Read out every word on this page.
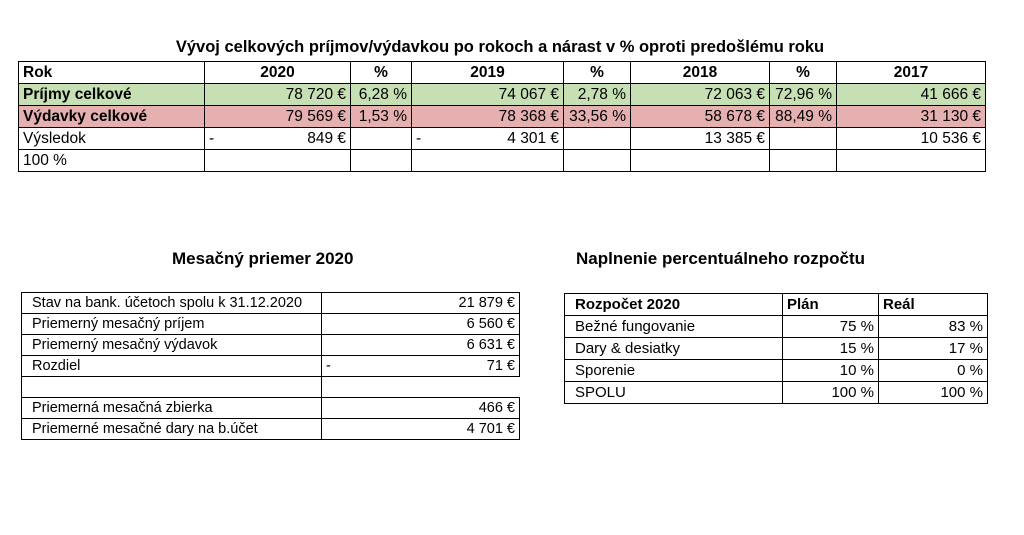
Vývoj celkových príjmov/výdavkou po rokoch a nárast v % oproti predošlému roku
Rok	2020	%	2019	%	2018	%	2017
Príjmy celkové	78 720 €	6,28 %	74 067 €	2,78 %	72 063 €	72,96 %	41 666 €
Výdavky celkové	79 569 €	1,53 %	78 368 €	33,56 %	58 678 €	88,49 %	31 130 €
Výsledok	- 849 €		- 4 301 €		13 385 €		10 536 €
100 %							
Mesačný priemer 2020
Stav na bank. účetoch spolu k 31.12.2020	21 879 €
Priemerný mesačný príjem	6 560 €
Priemerný mesačný výdavok	6 631 €
Rozdiel	- 71 €

Priemerná mesačná zbierka	466 €
Priemerné mesačné dary na b.účet	4 701 €
Naplnenie percentuálneho rozpočtu
Rozpočet 2020	Plán	Reál
Bežné fungovanie	75 %	83 %
Dary & desiatky	15 %	17 %
Sporenie	10 %	0 %
SPOLU	100 %	100 %
